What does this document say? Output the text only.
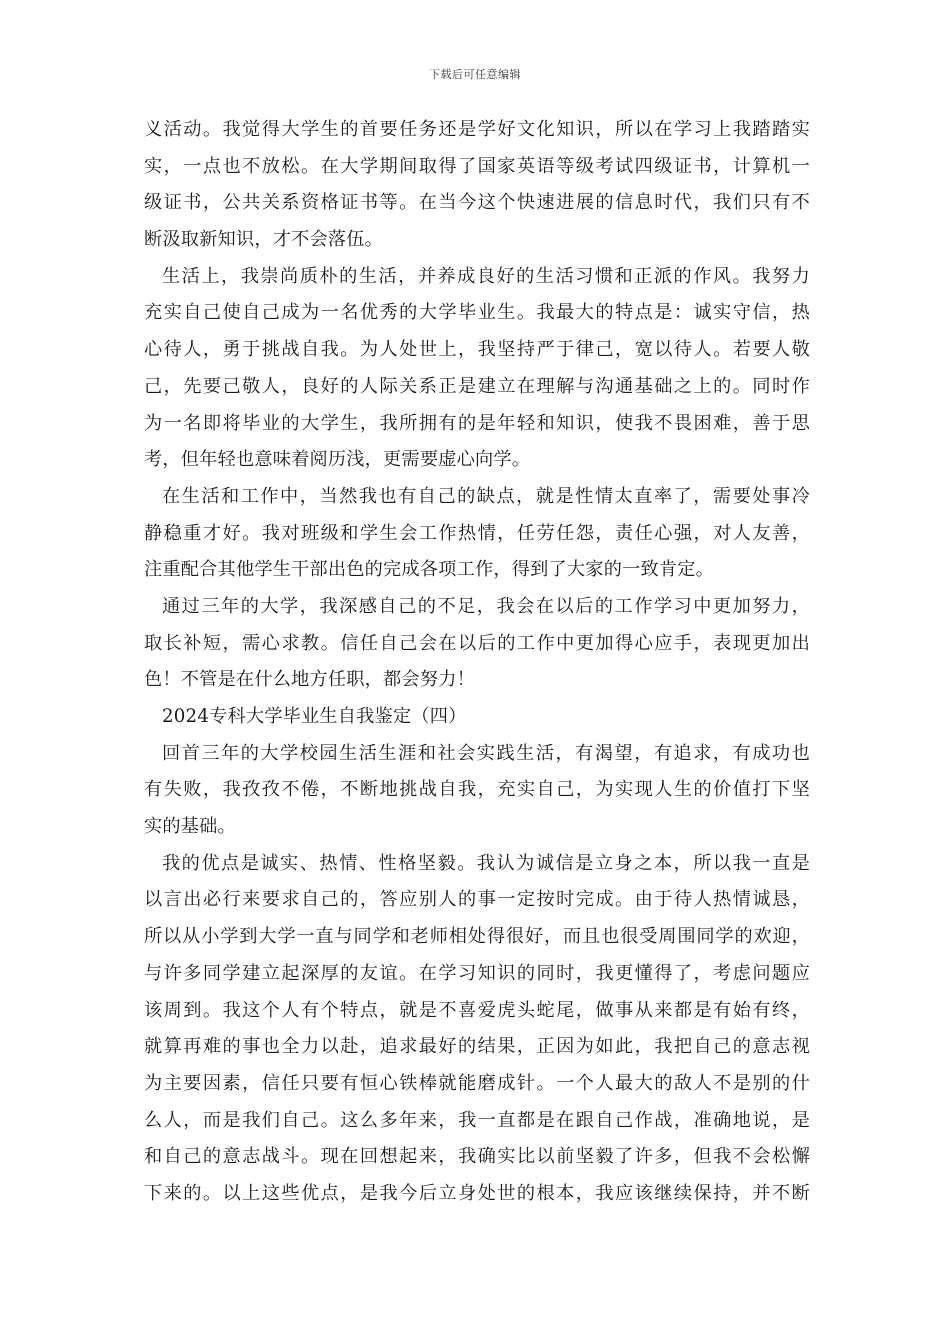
下载后可任意编辑
义活动。我觉得大学生的首要任务还是学好文化知识，所以在学习上我踏踏实
实，一点也不放松。在大学期间取得了国家英语等级考试四级证书，计算机一
级证书，公共关系资格证书等。在当今这个快速进展的信息时代，我们只有不
断汲取新知识，才不会落伍。
生活上，我崇尚质朴的生活，并养成良好的生活习惯和正派的作风。我努力
充实自己使自己成为一名优秀的大学毕业生。我最大的特点是：诚实守信，热
心待人，勇于挑战自我。为人处世上，我坚持严于律己，宽以待人。若要人敬
己，先要己敬人，良好的人际关系正是建立在理解与沟通基础之上的。同时作
为一名即将毕业的大学生，我所拥有的是年轻和知识，使我不畏困难，善于思
考，但年轻也意味着阅历浅，更需要虚心向学。
在生活和工作中，当然我也有自己的缺点，就是性情太直率了，需要处事冷
静稳重才好。我对班级和学生会工作热情，任劳任怨，责任心强，对人友善，
注重配合其他学生干部出色的完成各项工作，得到了大家的一致肯定。
通过三年的大学，我深感自己的不足，我会在以后的工作学习中更加努力，
取长补短，需心求教。信任自己会在以后的工作中更加得心应手，表现更加出
色！不管是在什么地方任职，都会努力！
2024专科大学毕业生自我鉴定（四）
回首三年的大学校园生活生涯和社会实践生活，有渴望，有追求，有成功也
有失败，我孜孜不倦，不断地挑战自我，充实自己，为实现人生的价值打下坚
实的基础。
我的优点是诚实、热情、性格坚毅。我认为诚信是立身之本，所以我一直是
以言出必行来要求自己的，答应别人的事一定按时完成。由于待人热情诚恳，
所以从小学到大学一直与同学和老师相处得很好，而且也很受周围同学的欢迎，
与许多同学建立起深厚的友谊。在学习知识的同时，我更懂得了，考虑问题应
该周到。我这个人有个特点，就是不喜爱虎头蛇尾，做事从来都是有始有终，
就算再难的事也全力以赴，追求最好的结果，正因为如此，我把自己的意志视
为主要因素，信任只要有恒心铁棒就能磨成针。一个人最大的敌人不是别的什
么人，而是我们自己。这么多年来，我一直都是在跟自己作战，准确地说，是
和自己的意志战斗。现在回想起来，我确实比以前坚毅了许多，但我不会松懈
下来的。以上这些优点，是我今后立身处世的根本，我应该继续保持，并不断
